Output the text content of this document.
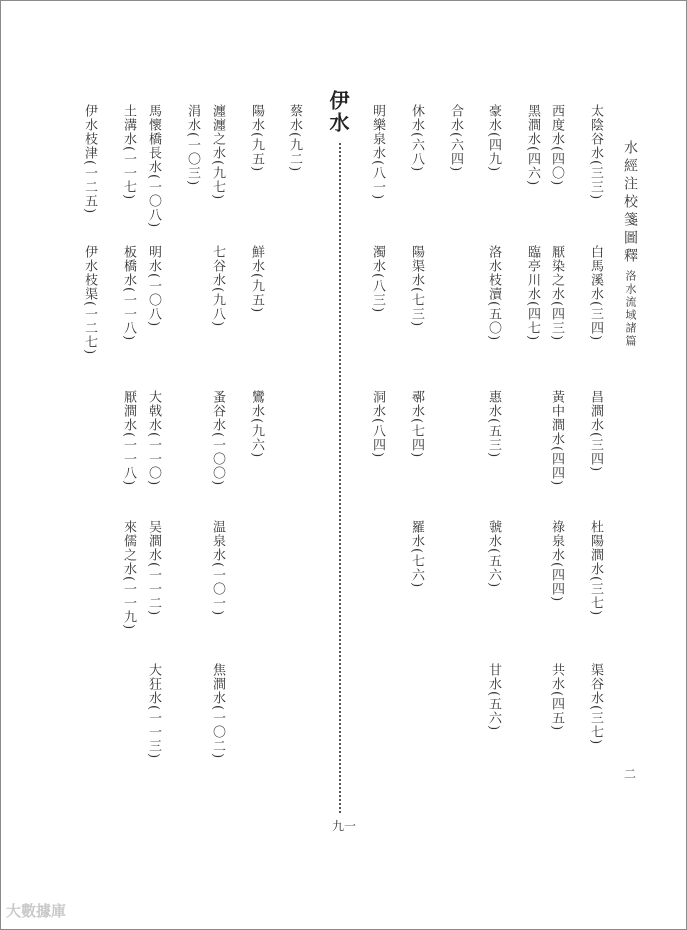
水經注校箋圖釋
洛水流域諸篇
二
太陰谷水(三三)
白馬溪水(三四)
昌澗水(三四)
杜陽澗水(三七)
渠谷水(三七)
西度水(四〇)
厭染之水(四三)
黃中澗水(四四)
祿泉水(四四)
共水(四五)
黑澗水(四六)
臨亭川水(四七)
豪水(四九)
洛水枝瀆(五〇)
惠水(五三)
虢水(五六)
甘水(五六)
合水(六四)
休水(六八)
陽渠水(七三)
鄩水(七四)
羅水(七六)
明樂泉水(八一)
濁水(八三)
洞水(八四)
伊水
九一
蔡水(九二)
陽水(九五)
鮮水(九五)
鸞水(九六)
瀍瀍之水(九七)
七谷水(九八)
蚤谷水(一〇〇)
温泉水(一〇一)
焦澗水(一〇二)
涓水(一〇三)
馬懷橋長水(一〇八)
明水(一〇八)
大戟水(一一〇)
吴澗水(一一二)
大狂水(一一三)
土溝水(一一七)
板橋水(一一八)
厭澗水(一一八)
來儒之水(一一九)
伊水枝津(一二五)
伊水枝渠(一二七)
大數據庫
